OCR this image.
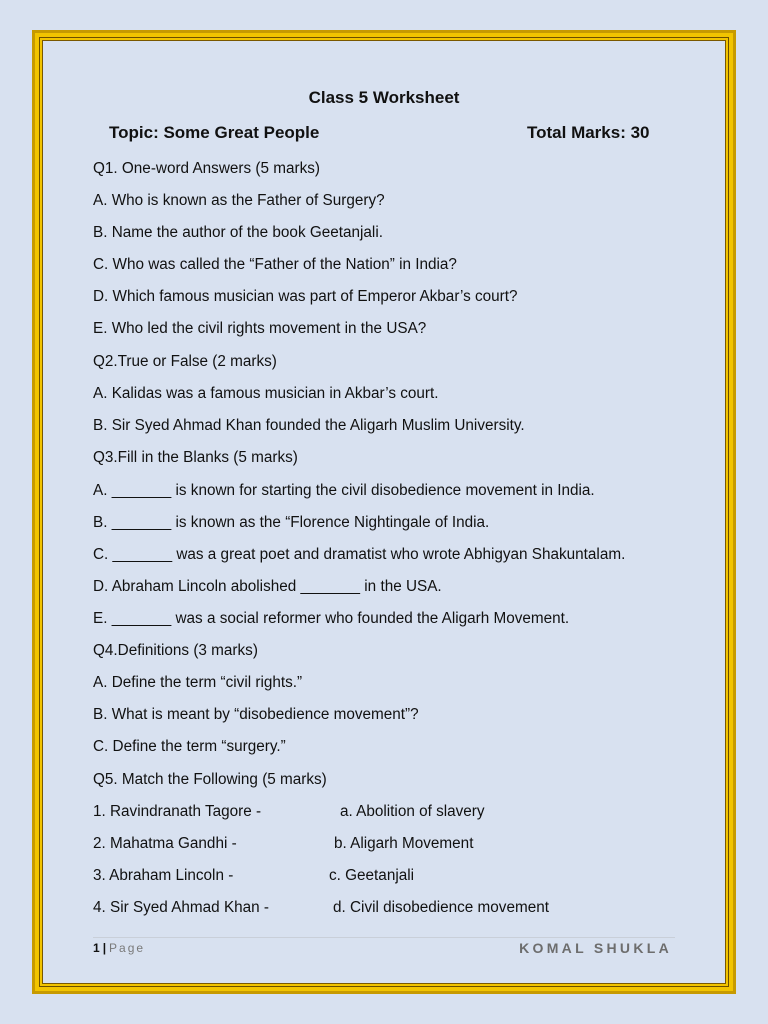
Class 5 Worksheet
Topic: Some Great People	Total Marks: 30
Q1. One-word Answers (5 marks)
A. Who is known as the Father of Surgery?
B. Name the author of the book Geetanjali.
C. Who was called the “Father of the Nation” in India?
D. Which famous musician was part of Emperor Akbar’s court?
E. Who led the civil rights movement in the USA?
Q2.True or False (2 marks)
A. Kalidas was a famous musician in Akbar’s court.
B. Sir Syed Ahmad Khan founded the Aligarh Muslim University.
Q3.Fill in the Blanks (5 marks)
A. _______ is known for starting the civil disobedience movement in India.
B. _______ is known as the “Florence Nightingale of India.
C. _______ was a great poet and dramatist who wrote Abhigyan Shakuntalam.
D. Abraham Lincoln abolished _______ in the USA.
E. _______ was a social reformer who founded the Aligarh Movement.
Q4.Definitions (3 marks)
A. Define the term “civil rights.”
B. What is meant by “disobedience movement”?
C. Define the term “surgery.”
Q5. Match the Following (5 marks)
1. Ravindranath Tagore -	a. Abolition of slavery
2. Mahatma Gandhi -	b. Aligarh Movement
3. Abraham Lincoln -	c. Geetanjali
4. Sir Syed Ahmad Khan -	d. Civil disobedience movement
1 | Page	KOMAL SHUKLA
